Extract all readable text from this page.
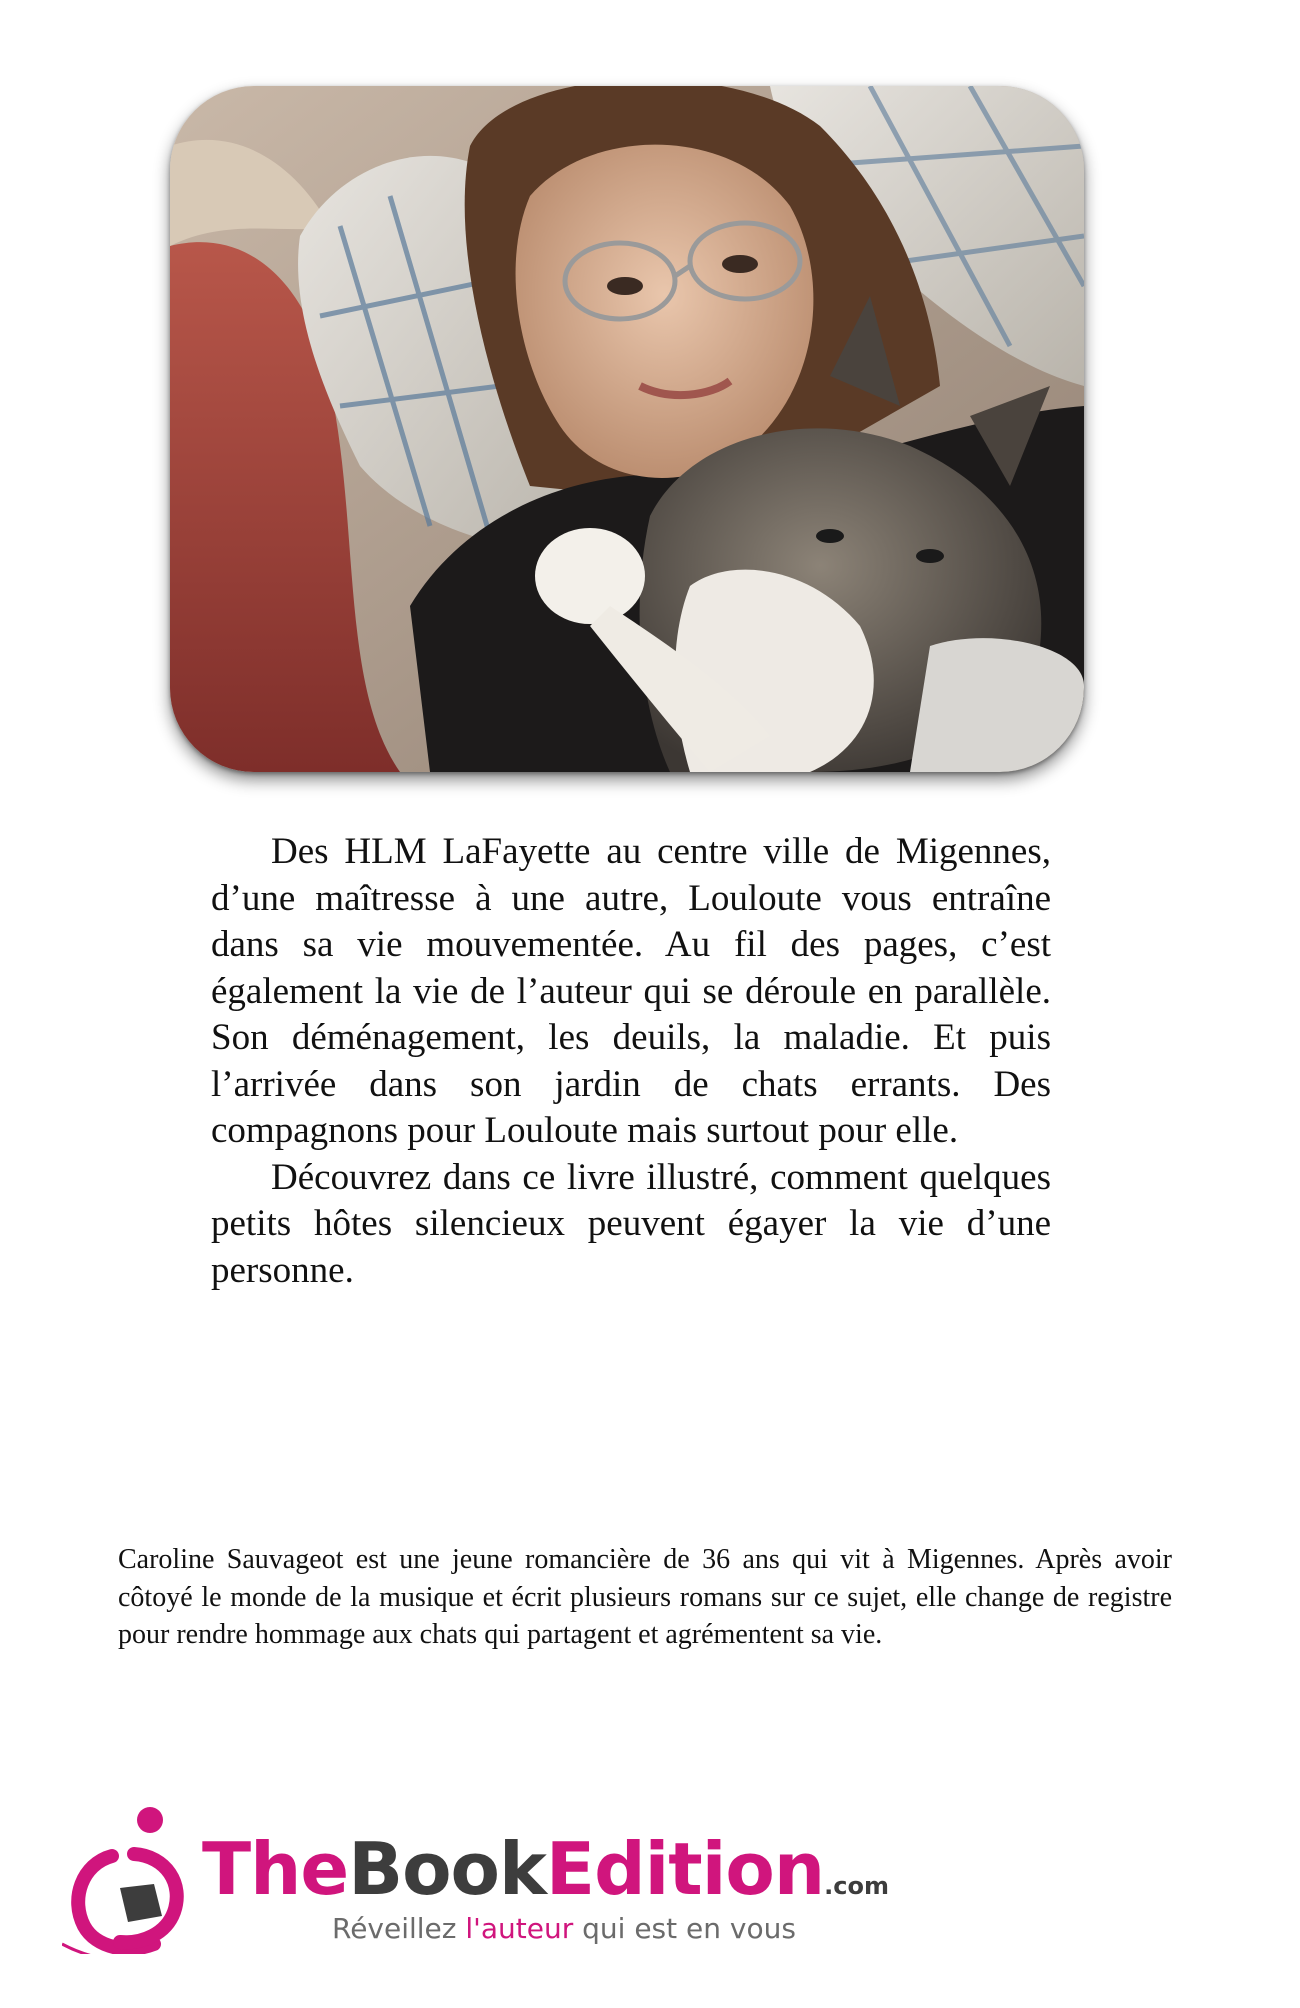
Des HLM LaFayette au centre ville de Migennes, d’une maîtresse à une autre, Louloute vous entraîne dans sa vie mouvementée. Au fil des pages, c’est également la vie de l’auteur qui se déroule en parallèle. Son déménagement, les deuils, la maladie. Et puis l’arrivée dans son jardin de chats errants. Des compagnons pour Louloute mais surtout pour elle.

Découvrez dans ce livre illustré, comment quelques petits hôtes silencieux peuvent égayer la vie d’une personne.

Caroline Sauvageot est une jeune romancière de 36 ans qui vit à Migennes. Après avoir côtoyé le monde de la musique et écrit plusieurs romans sur ce sujet, elle change de registre pour rendre hommage aux chats qui partagent et agrémentent sa vie.
TheBookEdition.com
Réveillez l'auteur qui est en vous
